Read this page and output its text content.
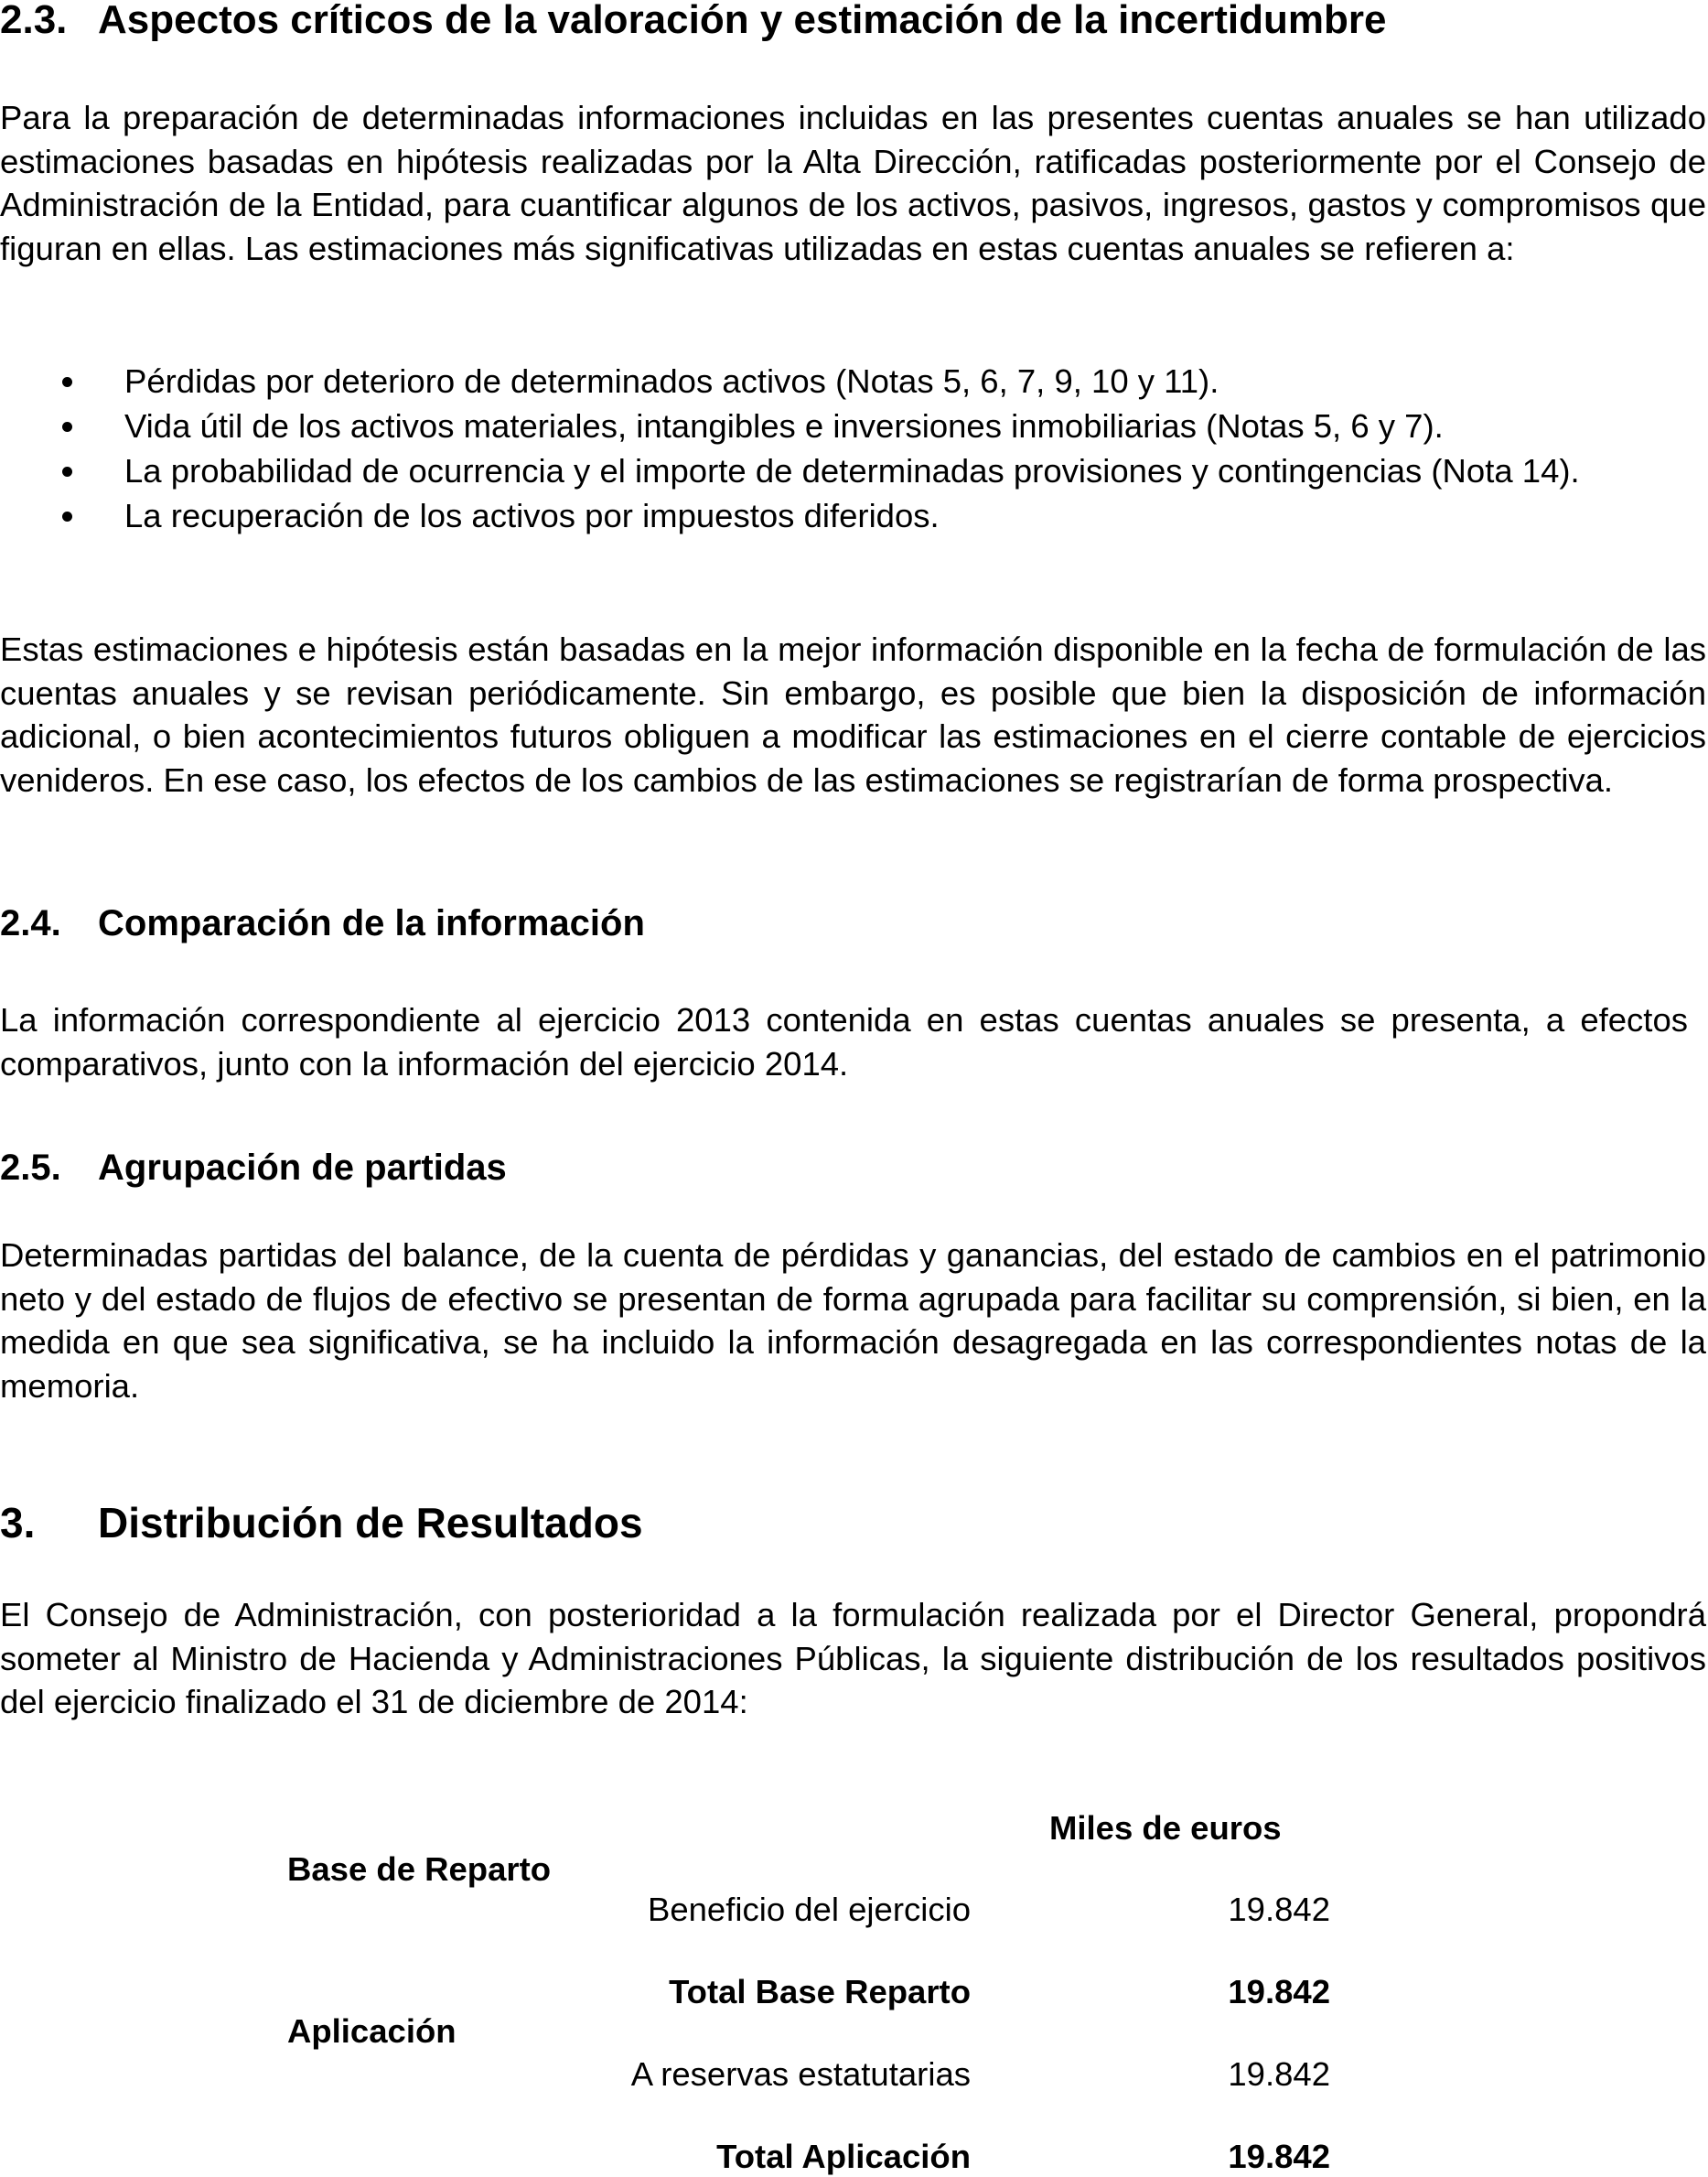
2.3. Aspectos críticos de la valoración y estimación de la incertidumbre
Para la preparación de determinadas informaciones incluidas en las presentes cuentas anuales se han utilizado estimaciones basadas en hipótesis realizadas por la Alta Dirección, ratificadas posteriormente por el Consejo de Administración de la Entidad, para cuantificar algunos de los activos, pasivos, ingresos, gastos y compromisos que figuran en ellas. Las estimaciones más significativas utilizadas en estas cuentas anuales se refieren a:
Pérdidas por deterioro de determinados activos (Notas 5, 6, 7, 9, 10 y 11).
Vida útil de los activos materiales, intangibles e inversiones inmobiliarias (Notas 5, 6 y 7).
La probabilidad de ocurrencia y el importe de determinadas provisiones y contingencias (Nota 14).
La recuperación de los activos por impuestos diferidos.
Estas estimaciones e hipótesis están basadas en la mejor información disponible en la fecha de formulación de las cuentas anuales y se revisan periódicamente. Sin embargo, es posible que bien la disposición de información adicional, o bien acontecimientos futuros obliguen a modificar las estimaciones en el cierre contable de ejercicios venideros. En ese caso, los efectos de los cambios de las estimaciones se registrarían de forma prospectiva.
2.4. Comparación de la información
La información correspondiente al ejercicio 2013 contenida en estas cuentas anuales se presenta, a efectos comparativos, junto con la información del ejercicio 2014.
2.5. Agrupación de partidas
Determinadas partidas del balance, de la cuenta de pérdidas y ganancias, del estado de cambios en el patrimonio neto y del estado de flujos de efectivo se presentan de forma agrupada para facilitar su comprensión, si bien, en la medida en que sea significativa, se ha incluido la información desagregada en las correspondientes notas de la memoria.
3. Distribución de Resultados
El Consejo de Administración, con posterioridad a la formulación realizada por el Director General, propondrá someter al Ministro de Hacienda y Administraciones Públicas, la siguiente distribución de los resultados positivos del ejercicio finalizado el 31 de diciembre de 2014:
Miles de euros
Base de Reparto
Beneficio del ejercicio	19.842
Total Base Reparto	19.842
Aplicación
A reservas estatutarias	19.842
Total Aplicación	19.842
